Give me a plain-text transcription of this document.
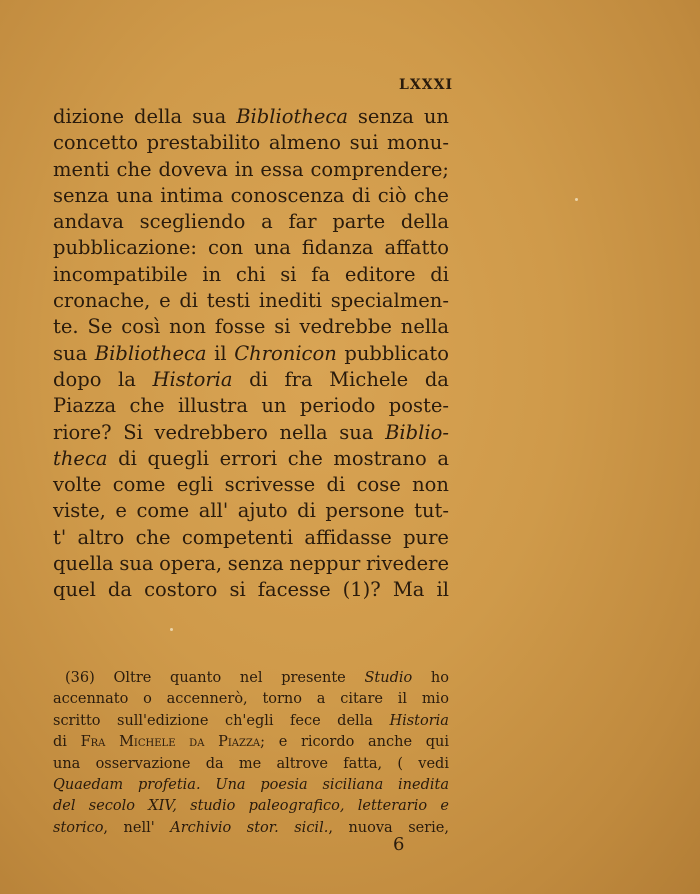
LXXXI
dizione della sua Bibliotheca senza un
concetto prestabilito almeno sui monu-
menti che doveva in essa comprendere;
senza una intima conoscenza di ciò che
andava scegliendo a far parte della
pubblicazione: con una fidanza affatto
incompatibile in chi si fa editore di
cronache, e di testi inediti specialmen-
te. Se così non fosse si vedrebbe nella
sua Bibliotheca il Chronicon pubblicato
dopo la Historia di fra Michele da
Piazza che illustra un periodo poste-
riore? Si vedrebbero nella sua Biblio-
theca di quegli errori che mostrano a
volte come egli scrivesse di cose non
viste, e come all' ajuto di persone tut-
t' altro che competenti affidasse pure
quella sua opera, senza neppur rivedere
quel da costoro si facesse (1)? Ma il
(36) Oltre quanto nel presente Studio ho
accennato o accennerò, torno a citare il mio
scritto sull'edizione ch'egli fece della Historia
di Fra Michele da Piazza; e ricordo anche qui
una osservazione da me altrove fatta, ( vedi
Quaedam profetia. Una poesia siciliana inedita
del secolo XIV, studio paleografico, letterario e
storico, nell' Archivio stor. sicil., nuova serie,
6
